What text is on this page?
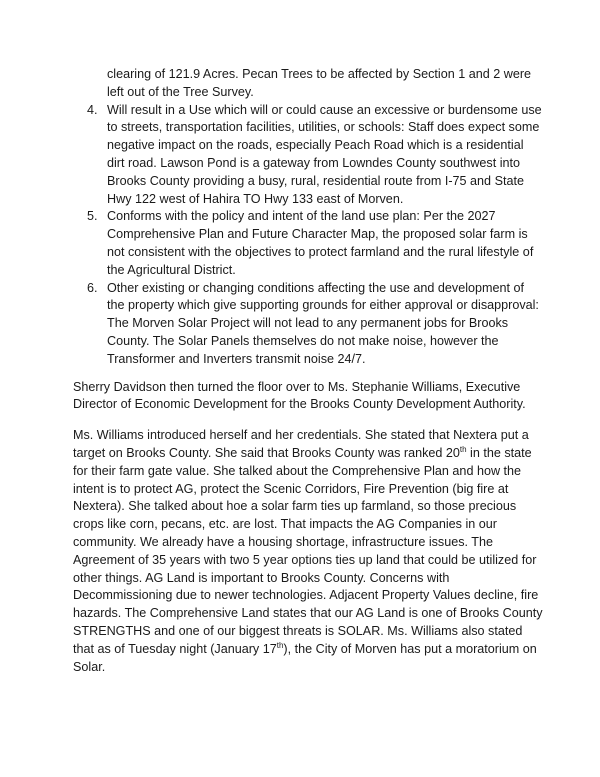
clearing of 121.9 Acres. Pecan Trees to be affected by Section 1 and 2 were left out of the Tree Survey.

4. Will result in a Use which will or could cause an excessive or burdensome use to streets, transportation facilities, utilities, or schools: Staff does expect some negative impact on the roads, especially Peach Road which is a residential dirt road. Lawson Pond is a gateway from Lowndes County southwest into Brooks County providing a busy, rural, residential route from I-75 and State Hwy 122 west of Hahira TO Hwy 133 east of Morven.
5. Conforms with the policy and intent of the land use plan: Per the 2027 Comprehensive Plan and Future Character Map, the proposed solar farm is not consistent with the objectives to protect farmland and the rural lifestyle of the Agricultural District.
6. Other existing or changing conditions affecting the use and development of the property which give supporting grounds for either approval or disapproval: The Morven Solar Project will not lead to any permanent jobs for Brooks County. The Solar Panels themselves do not make noise, however the Transformer and Inverters transmit noise 24/7.

Sherry Davidson then turned the floor over to Ms. Stephanie Williams, Executive Director of Economic Development for the Brooks County Development Authority.

Ms. Williams introduced herself and her credentials. She stated that Nextera put a target on Brooks County. She said that Brooks County was ranked 20th in the state for their farm gate value. She talked about the Comprehensive Plan and how the intent is to protect AG, protect the Scenic Corridors, Fire Prevention (big fire at Nextera). She talked about hoe a solar farm ties up farmland, so those precious crops like corn, pecans, etc. are lost. That impacts the AG Companies in our community. We already have a housing shortage, infrastructure issues. The Agreement of 35 years with two 5 year options ties up land that could be utilized for other things. AG Land is important to Brooks County. Concerns with Decommissioning due to newer technologies. Adjacent Property Values decline, fire hazards. The Comprehensive Land states that our AG Land is one of Brooks County STRENGTHS and one of our biggest threats is SOLAR. Ms. Williams also stated that as of Tuesday night (January 17th), the City of Morven has put a moratorium on Solar.
